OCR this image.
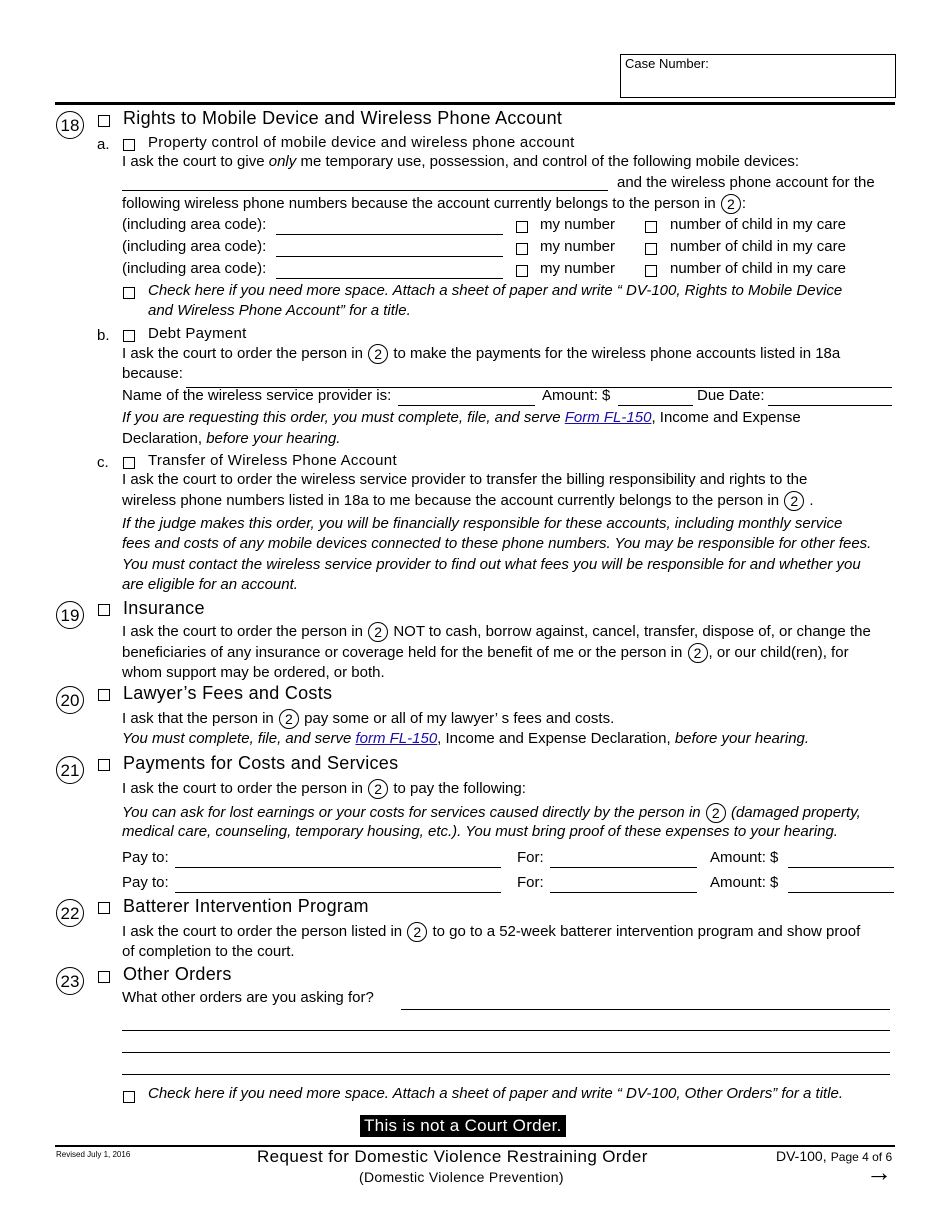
Case Number:
18 Rights to Mobile Device and Wireless Phone Account
a.	Property control of mobile device and wireless phone account
I ask the court to give only me temporary use, possession, and control of the following mobile devices:
and the wireless phone account for the
following wireless phone numbers because the account currently belongs to the person in 2 :
(including area code):	my number	number of child in my care
(including area code):	my number	number of child in my care
(including area code):	my number	number of child in my care
Check here if you need more space. Attach a sheet of paper and write “ DV-100, Rights to Mobile Device
and Wireless Phone Account” for a title.
b.	Debt Payment
I ask the court to order the person in 2 to make the payments for the wireless phone accounts listed in 18a
because:
Name of the wireless service provider is:	Amount: $	Due Date:
If you are requesting this order, you must complete, file, and serve Form FL-150, Income and Expense
Declaration, before your hearing.
c.	Transfer of Wireless Phone Account
I ask the court to order the wireless service provider to transfer the billing responsibility and rights to the
wireless phone numbers listed in 18a to me because the account currently belongs to the person in 2 .
If the judge makes this order, you will be financially responsible for these accounts, including monthly service
fees and costs of any mobile devices connected to these phone numbers. You may be responsible for other fees.
You must contact the wireless service provider to find out what fees you will be responsible for and whether you
are eligible for an account.
19 Insurance
I ask the court to order the person in 2 NOT to cash, borrow against, cancel, transfer, dispose of, or change the
beneficiaries of any insurance or coverage held for the benefit of me or the person in 2 , or our child(ren), for
whom support may be ordered, or both.
20 Lawyer’s Fees and Costs
I ask that the person in 2 pay some or all of my lawyer’ s fees and costs.
You must complete, file, and serve form FL-150, Income and Expense Declaration, before your hearing.
21 Payments for Costs and Services
I ask the court to order the person in 2 to pay the following:
You can ask for lost earnings or your costs for services caused directly by the person in 2 (damaged property,
medical care, counseling, temporary housing, etc.). You must bring proof of these expenses to your hearing.
Pay to:	For:	Amount: $
Pay to:	For:	Amount: $
22 Batterer Intervention Program
I ask the court to order the person listed in 2 to go to a 52-week batterer intervention program and show proof
of completion to the court.
23 Other Orders
What other orders are you asking for?
Check here if you need more space. Attach a sheet of paper and write “ DV-100, Other Orders” for a title.
This is not a Court Order.
Revised July 1, 2016	Request for Domestic Violence Restraining Order
(Domestic Violence Prevention)
DV-100, Page 4 of 6
→
